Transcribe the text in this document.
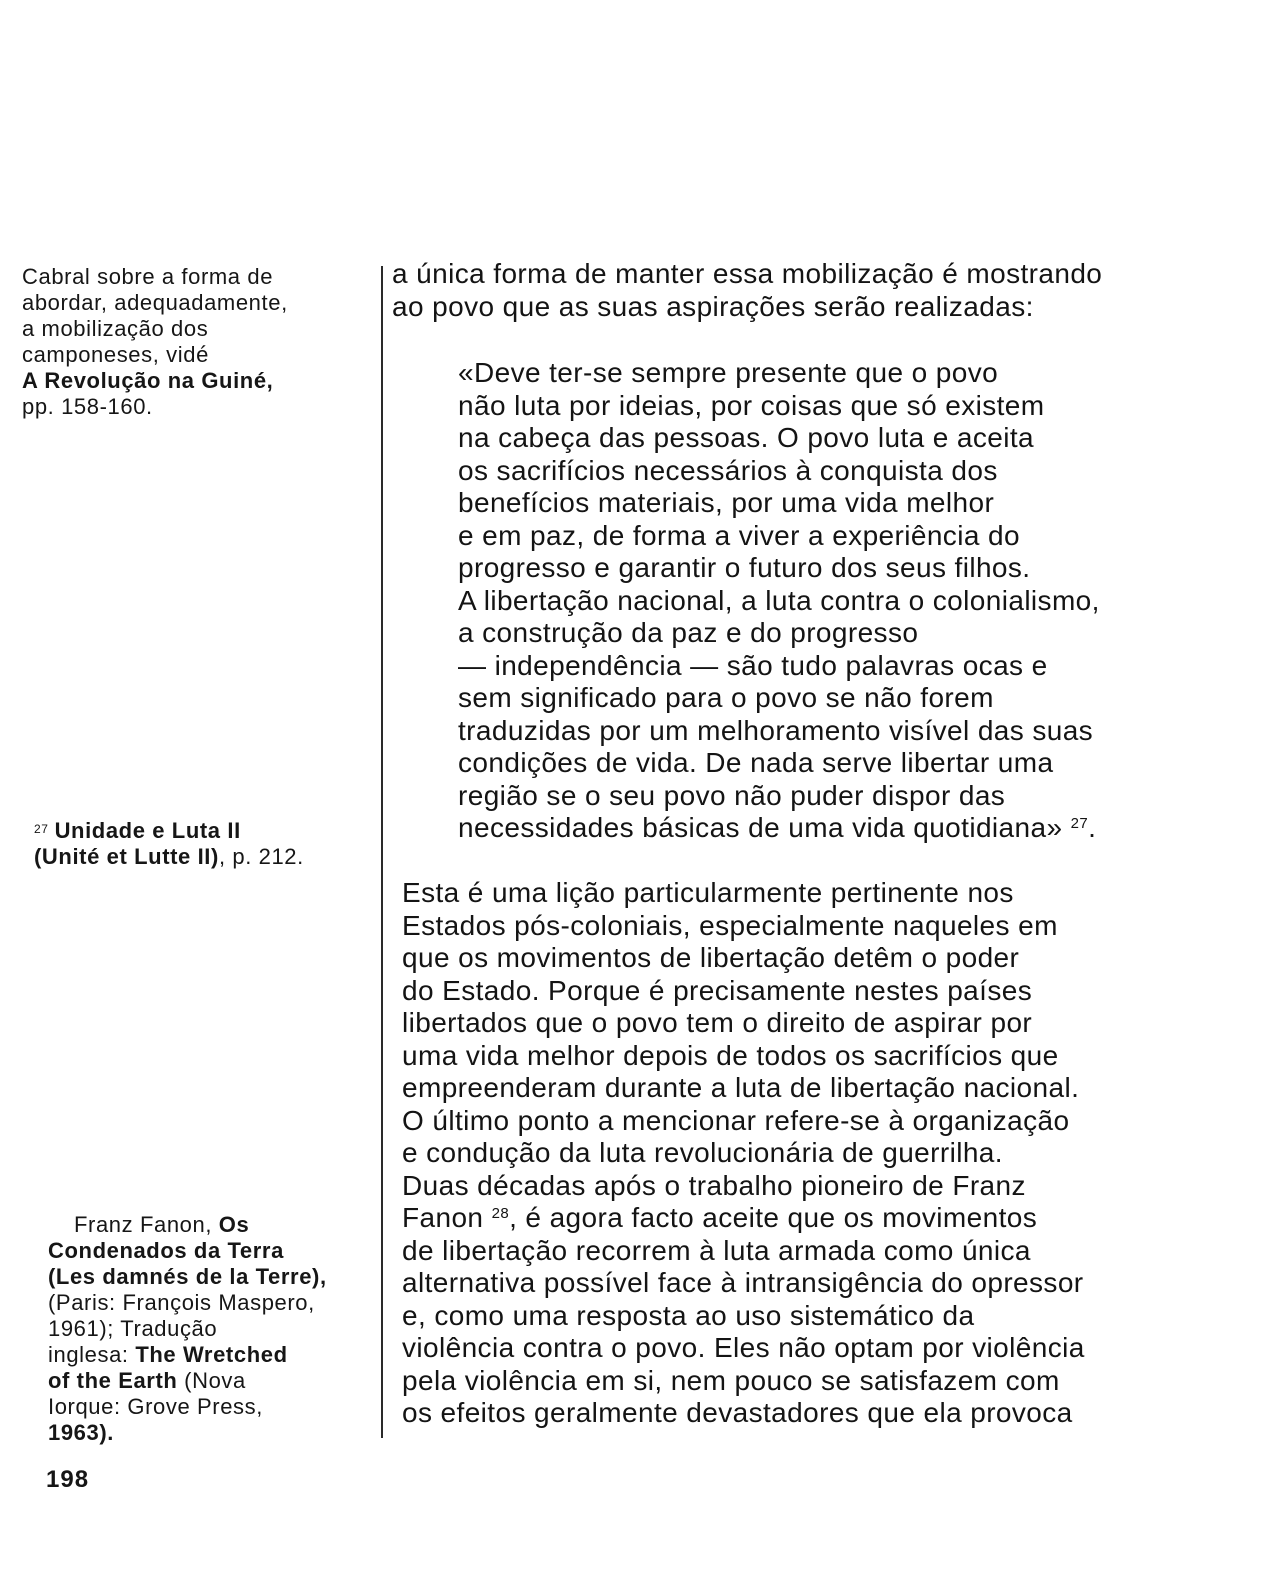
Cabral sobre a forma de
abordar, adequadamente,
a mobilização dos
camponeses, vidé
A Revolução na Guiné,
pp. 158-160.
$^{27}$ Unidade e Luta II
(Unité et Lutte II), p. 212.
Franz Fanon, Os
Condenados da Terra
(Les damnés de la Terre),
(Paris: François Maspero,
1961); Tradução
inglesa: The Wretched
of the Earth (Nova
Iorque: Grove Press,
1963).
a única forma de manter essa mobilização é mostrando
ao povo que as suas aspirações serão realizadas:
«Deve ter-se sempre presente que o povo
não luta por ideias, por coisas que só existem
na cabeça das pessoas. O povo luta e aceita
os sacrifícios necessários à conquista dos
benefícios materiais, por uma vida melhor
e em paz, de forma a viver a experiência do
progresso e garantir o futuro dos seus filhos.
A libertação nacional, a luta contra o colonialismo,
a construção da paz e do progresso
— independência — são tudo palavras ocas e
sem significado para o povo se não forem
traduzidas por um melhoramento visível das suas
condições de vida. De nada serve libertar uma
região se o seu povo não puder dispor das
necessidades básicas de uma vida quotidiana» $^{27}$.
Esta é uma lição particularmente pertinente nos
Estados pós-coloniais, especialmente naqueles em
que os movimentos de libertação detêm o poder
do Estado. Porque é precisamente nestes países
libertados que o povo tem o direito de aspirar por
uma vida melhor depois de todos os sacrifícios que
empreenderam durante a luta de libertação nacional.
O último ponto a mencionar refere-se à organização
e condução da luta revolucionária de guerrilha.
Duas décadas após o trabalho pioneiro de Franz
Fanon $^{28}$, é agora facto aceite que os movimentos
de libertação recorrem à luta armada como única
alternativa possível face à intransigência do opressor
e, como uma resposta ao uso sistemático da
violência contra o povo. Eles não optam por violência
pela violência em si, nem pouco se satisfazem com
os efeitos geralmente devastadores que ela provoca
198
